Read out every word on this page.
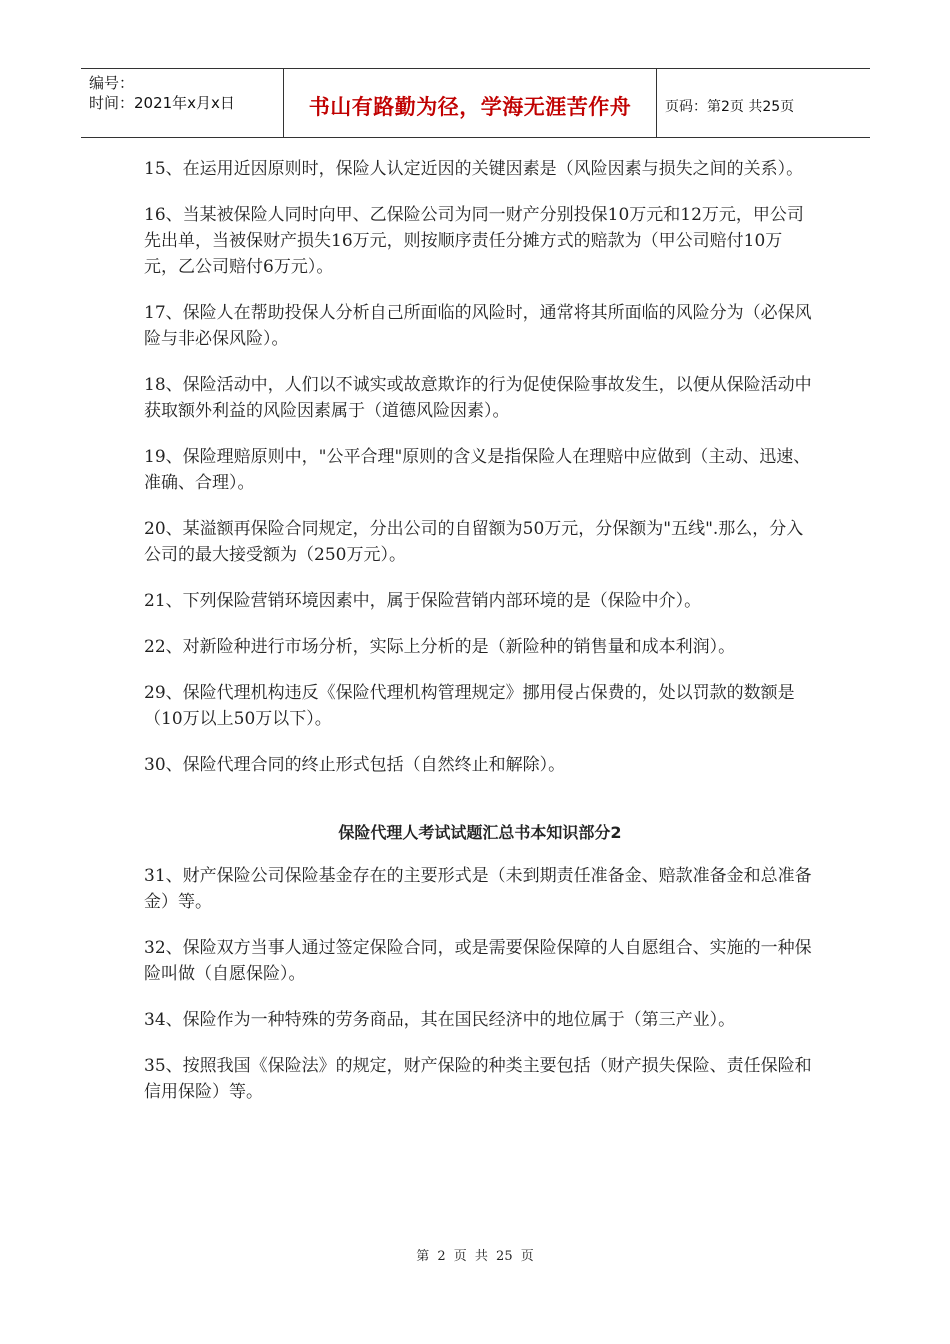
编号：
时间：2021年x月x日	书山有路勤为径，学海无涯苦作舟 页码：第2页 共25页

15、在运用近因原则时，保险人认定近因的关键因素是（风险因素与损失之间的关系）。

16、当某被保险人同时向甲、乙保险公司为同一财产分别投保10万元和12万元，甲公司先出单，当被保财产损失16万元，则按顺序责任分摊方式的赔款为（甲公司赔付10万元，乙公司赔付6万元）。

17、保险人在帮助投保人分析自己所面临的风险时，通常将其所面临的风险分为（必保风险与非必保风险）。

18、保险活动中，人们以不诚实或故意欺诈的行为促使保险事故发生，以便从保险活动中获取额外利益的风险因素属于（道德风险因素）。

19、保险理赔原则中，"公平合理"原则的含义是指保险人在理赔中应做到（主动、迅速、准确、合理）。

20、某溢额再保险合同规定，分出公司的自留额为50万元，分保额为"五线".那么，分入公司的最大接受额为（250万元）。

21、下列保险营销环境因素中，属于保险营销内部环境的是（保险中介）。

22、对新险种进行市场分析，实际上分析的是（新险种的销售量和成本利润）。

29、保险代理机构违反《保险代理机构管理规定》挪用侵占保费的，处以罚款的数额是（10万以上50万以下）。

30、保险代理合同的终止形式包括（自然终止和解除）。

保险代理人考试试题汇总书本知识部分2

31、财产保险公司保险基金存在的主要形式是（未到期责任准备金、赔款准备金和总准备金）等。

32、保险双方当事人通过签定保险合同，或是需要保险保障的人自愿组合、实施的一种保险叫做（自愿保险）。

34、保险作为一种特殊的劳务商品，其在国民经济中的地位属于（第三产业）。

35、按照我国《保险法》的规定，财产保险的种类主要包括（财产损失保险、责任保险和信用保险）等。

第 2 页 共 25 页
